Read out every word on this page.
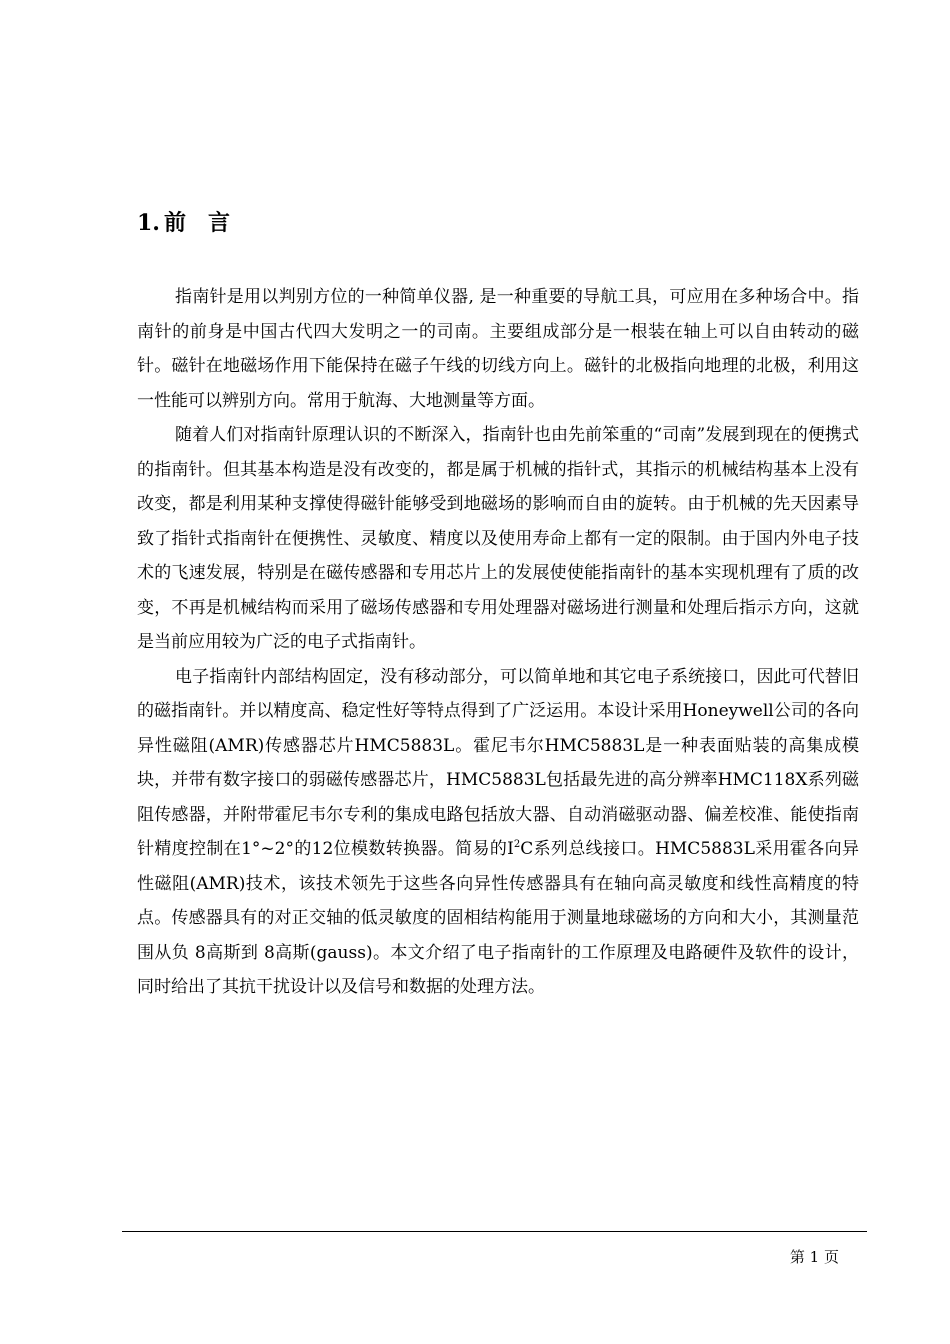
1. 前 言

指南针是用以判别方位的一种简单仪器, 是一种重要的导航工具，可应用在多种场合中。指南针的前身是中国古代四大发明之一的司南。主要组成部分是一根装在轴上可以自由转动的磁针。磁针在地磁场作用下能保持在磁子午线的切线方向上。磁针的北极指向地理的北极，利用这一性能可以辨别方向。常用于航海、大地测量等方面。

随着人们对指南针原理认识的不断深入，指南针也由先前笨重的“司南”发展到现在的便携式的指南针。但其基本构造是没有改变的，都是属于机械的指针式，其指示的机械结构基本上没有改变，都是利用某种支撑使得磁针能够受到地磁场的影响而自由的旋转。由于机械的先天因素导致了指针式指南针在便携性、灵敏度、精度以及使用寿命上都有一定的限制。由于国内外电子技术的飞速发展，特别是在磁传感器和专用芯片上的发展使使能指南针的基本实现机理有了质的改变，不再是机械结构而采用了磁场传感器和专用处理器对磁场进行测量和处理后指示方向，这就是当前应用较为广泛的电子式指南针。

电子指南针内部结构固定，没有移动部分，可以简单地和其它电子系统接口，因此可代替旧的磁指南针。并以精度高、稳定性好等特点得到了广泛运用。本设计采用Honeywell公司的各向异性磁阻(AMR)传感器芯片HMC5883L。霍尼韦尔HMC5883L是一种表面贴装的高集成模块，并带有数字接口的弱磁传感器芯片，HMC5883L包括最先进的高分辨率HMC118X系列磁阻传感器，并附带霍尼韦尔专利的集成电路包括放大器、自动消磁驱动器、偏差校准、能使指南针精度控制在1°~2°的12位模数转换器。简易的$I^2C$系列总线接口。HMC5883L采用霍各向异性磁阻(AMR)技术，该技术领先于这些各向异性传感器具有在轴向高灵敏度和线性高精度的特点。传感器具有的对正交轴的低灵敏度的固相结构能用于测量地球磁场的方向和大小，其测量范围从负 8高斯到 8高斯(gauss)。本文介绍了电子指南针的工作原理及电路硬件及软件的设计，同时给出了其抗干扰设计以及信号和数据的处理方法。

第 1 页
